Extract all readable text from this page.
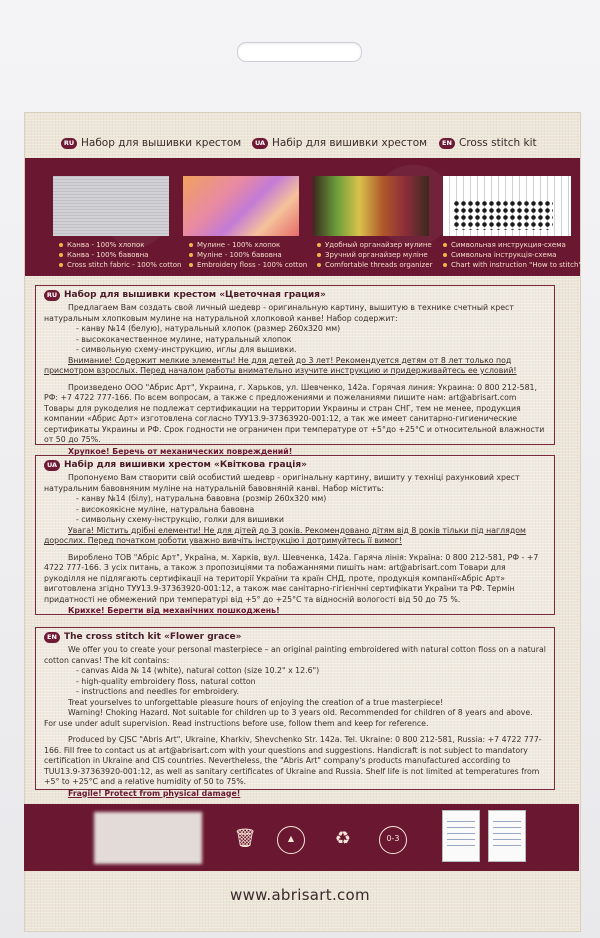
RU Набор для вышивки крестом	UA Набір для вишивки хрестом	EN Cross stitch kit
Канва - 100% хлопок
Канва - 100% бавовна
Cross stitch fabric - 100% cotton
Мулине - 100% хлопок
Муліне - 100% бавовна
Embroidery floss - 100% cotton
Удобный органайзер мулине
Зручний органайзер муліне
Comfortable threads organizer
Символьная инструкция-схема
Символьна інструкція-схема
Chart with instruction "How to stitch"
RU Набор для вышивки крестом «Цветочная грация»

Предлагаем Вам создать свой личный шедевр - оригинальную картину, вышитую в технике счетный крест натуральным хлопковым мулине на натуральной хлопковой канве! Набор содержит:

- канву №14 (белую), натуральный хлопок (размер 260х320 мм)
- высококачественное мулине, натуральный хлопок
- символьную схему-инструкцию, иглы для вышивки.

Внимание! Содержит мелкие элементы! Не для детей до 3 лет! Рекомендуется детям от 8 лет только под присмотром взрослых. Перед началом работы внимательно изучите инструкцию и придерживайтесь ее условий!

Произведено ООО "Абрис Арт", Украина, г. Харьков, ул. Шевченко, 142а. Горячая линия: Украина: 0 800 212-581, РФ: +7 4722 777-166. По всем вопросам, а также с предложениями и пожеланиями пишите нам: art@abrisart.com Товары для рукоделия не подлежат сертификации на территории Украины и стран СНГ, тем не менее, продукция компании «Абрис Арт» изготовлена согласно ТУУ13.9-37363920-001:12, а так же имеет санитарно-гигиенические сертификаты Украины и РФ. Срок годности не ограничен при температуре от +5°до +25°С и относительной влажности от 50 до 75%.

Хрупкое! Беречь от механических повреждений!

UA Набір для вишивки хрестом «Квіткова грація»

Пропонуємо Вам створити свій особистий шедевр - оригінальну картину, вишиту у техніці рахунковий хрест натуральним бавовняним муліне на натуральній бавовняній канві. Набор містить:

- канву №14 (білу), натуральна бавовна (розмір 260х320 мм)
- високоякісне муліне, натуральна бавовна
- символьну схему-інструкцію, голки для вишивки

Увага! Містить дрібні елементи! Не для дітей до 3 років. Рекомендовано дітям від 8 років тільки під наглядом дорослих. Перед початком роботи уважно вивчіть інструкцію і дотримуйтесь її вимог!

Вироблено ТОВ "Абріс Арт", Україна, м. Харків, вул. Шевченка, 142а. Гаряча лінія: Україна: 0 800 212-581, РФ - +7 4722 777-166. З усіх питань, а також з пропозиціями та побажаннями пишіть нам: art@abrisart.com Товари для рукоділля не підлягають сертифікації на території України та країн СНД, проте, продукція компанії«Абріс Арт» виготовлена згідно ТУУ13.9-37363920-001:12, а також має санітарно-гігієнічні сертифікати України та РФ. Термін придатності не обмежений при температурі від +5° до +25°С та відносній вологості від 50 до 75 %.

Крихке! Берегти від механічних пошкоджень!

EN The cross stitch kit «Flower grace»

We offer you to create your personal masterpiece – an original painting embroidered with natural cotton floss on a natural cotton canvas! The kit contains:

- canvas Aida № 14 (white), natural cotton (size 10.2" x 12.6")
- high-quality embroidery floss, natural cotton
- instructions and needles for embroidery.

Treat yourselves to unforgettable pleasure hours of enjoying the creation of a true masterpiece!

Warning! Choking Hazard. Not suitable for children up to 3 years old. Recommended for children of 8 years and above. For use under adult supervision. Read instructions before use, follow them and keep for reference.

Produced by CJSC "Abris Art", Ukraine, Kharkiv, Shevchenko Str. 142a. Tel. Ukraine: 0 800 212-581, Russia: +7 4722 777-166. Fill free to contact us at art@abrisart.com with your questions and suggestions. Handicraft is not subject to mandatory certification in Ukraine and CIS countries. Nevertheless, the "Abris Art" company's products manufactured according to TUU13.9-37363920-001:12, as well as sanitary certificates of Ukraine and Russia. Shelf life is not limited at temperatures from +5° to +25°C and a relative humidity of 50 to 75%.

Fragile! Protect from physical damage!

🗑	▲	♻	0-3
www.abrisart.com
